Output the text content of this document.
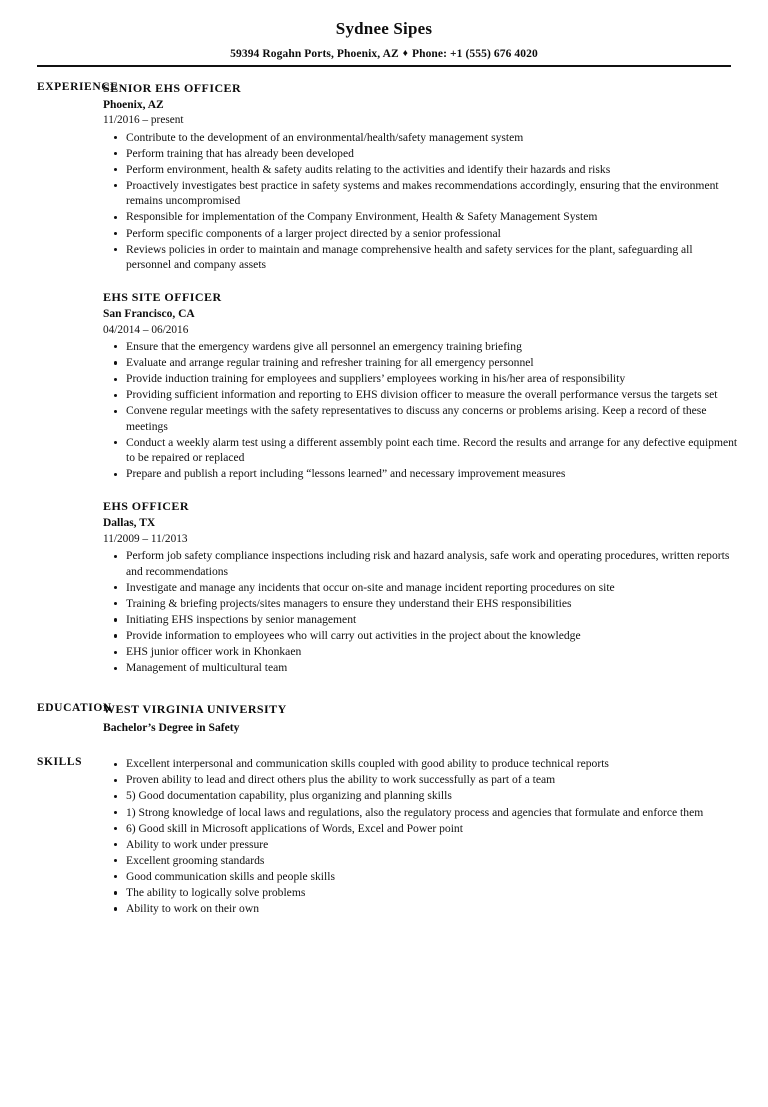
Sydnee Sipes
59394 Rogahn Ports, Phoenix, AZ ♦ Phone: +1 (555) 676 4020
EXPERIENCE
SENIOR EHS OFFICER
Phoenix, AZ
11/2016 – present
Contribute to the development of an environmental/health/safety management system
Perform training that has already been developed
Perform environment, health & safety audits relating to the activities and identify their hazards and risks
Proactively investigates best practice in safety systems and makes recommendations accordingly, ensuring that the environment remains uncompromised
Responsible for implementation of the Company Environment, Health & Safety Management System
Perform specific components of a larger project directed by a senior professional
Reviews policies in order to maintain and manage comprehensive health and safety services for the plant, safeguarding all personnel and company assets
EHS SITE OFFICER
San Francisco, CA
04/2014 – 06/2016
Ensure that the emergency wardens give all personnel an emergency training briefing
Evaluate and arrange regular training and refresher training for all emergency personnel
Provide induction training for employees and suppliers’ employees working in his/her area of responsibility
Providing sufficient information and reporting to EHS division officer to measure the overall performance versus the targets set
Convene regular meetings with the safety representatives to discuss any concerns or problems arising. Keep a record of these meetings
Conduct a weekly alarm test using a different assembly point each time. Record the results and arrange for any defective equipment to be repaired or replaced
Prepare and publish a report including “lessons learned” and necessary improvement measures
EHS OFFICER
Dallas, TX
11/2009 – 11/2013
Perform job safety compliance inspections including risk and hazard analysis, safe work and operating procedures, written reports and recommendations
Investigate and manage any incidents that occur on-site and manage incident reporting procedures on site
Training & briefing projects/sites managers to ensure they understand their EHS responsibilities
Initiating EHS inspections by senior management
Provide information to employees who will carry out activities in the project about the knowledge
EHS junior officer work in Khonkaen
Management of multicultural team
EDUCATION
WEST VIRGINIA UNIVERSITY
Bachelor’s Degree in Safety
SKILLS	Excellent interpersonal and communication skills coupled with good ability to produce technical reports
Proven ability to lead and direct others plus the ability to work successfully as part of a team
5) Good documentation capability, plus organizing and planning skills
1) Strong knowledge of local laws and regulations, also the regulatory process and agencies that formulate and enforce them
6) Good skill in Microsoft applications of Words, Excel and Power point
Ability to work under pressure
Excellent grooming standards
Good communication skills and people skills
The ability to logically solve problems
Ability to work on their own
